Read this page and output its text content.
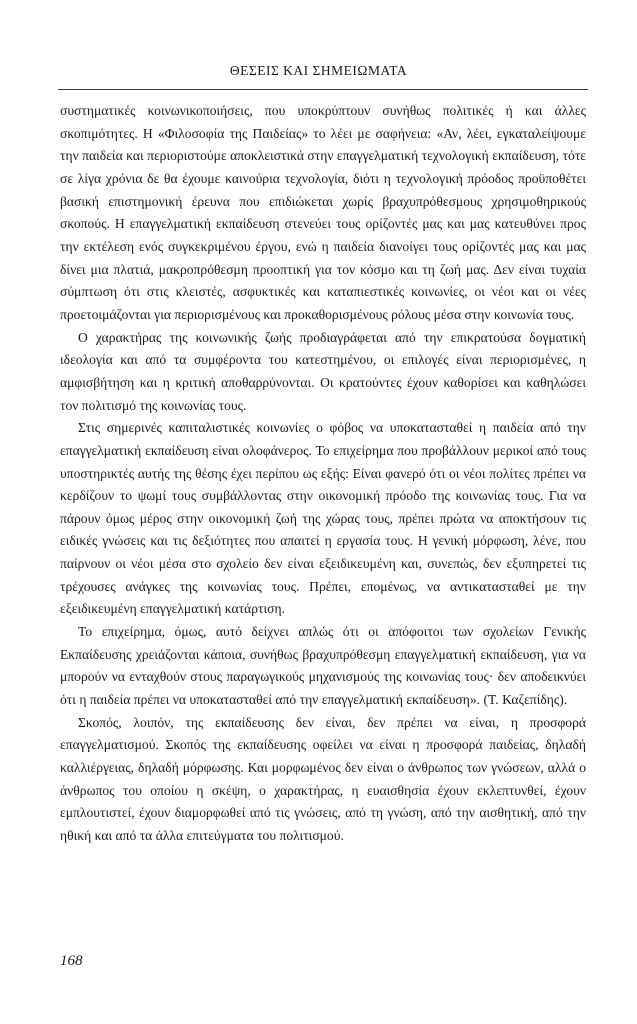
ΘΕΣΕΙΣ ΚΑΙ ΣΗΜΕΙΩΜΑΤΑ

συστηματικές κοινωνικοποιήσεις, που υποκρύπτουν συνήθως πολιτικές ή και άλλες σκοπιμότητες. Η «Φιλοσοφία της Παιδείας» το λέει με σαφήνεια: «Αν, λέει, εγκαταλείψουμε την παιδεία και περιοριστούμε αποκλειστικά στην επαγγελματική τεχνολογική εκπαίδευση, τότε σε λίγα χρόνια δε θα έχουμε καινούρια τεχνολογία, διότι η τεχνολογική πρόοδος προϋποθέτει βασική επιστημονική έρευνα που επιδιώκεται χωρίς βραχυπρόθεσμους χρησιμοθηρικούς σκοπούς. Η επαγγελματική εκπαίδευση στενεύει τους ορίζοντές μας και μας κατευθύνει προς την εκτέλεση ενός συγκεκριμένου έργου, ενώ η παιδεία διανοίγει τους ορίζοντές μας και μας δίνει μια πλατιά, μακροπρόθεσμη προοπτική για τον κόσμο και τη ζωή μας. Δεν είναι τυχαία σύμπτωση ότι στις κλειστές, ασφυκτικές και καταπιεστικές κοινωνίες, οι νέοι και οι νέες προετοιμάζονται για περιορισμένους και προκαθορισμένους ρόλους μέσα στην κοινωνία τους.

Ο χαρακτήρας της κοινωνικής ζωής προδιαγράφεται από την επικρατούσα δογματική ιδεολογία και από τα συμφέροντα του κατεστημένου, οι επιλογές είναι περιορισμένες, η αμφισβήτηση και η κριτική αποθαρρύνονται. Οι κρατούντες έχουν καθορίσει και καθηλώσει τον πολιτισμό της κοινωνίας τους.

Στις σημερινές καπιταλιστικές κοινωνίες ο φόβος να υποκατασταθεί η παιδεία από την επαγγελματική εκπαίδευση είναι ολοφάνερος. Το επιχείρημα που προβάλλουν μερικοί από τους υποστηρικτές αυτής της θέσης έχει περίπου ως εξής: Είναι φανερό ότι οι νέοι πολίτες πρέπει να κερδίζουν το ψωμί τους συμβάλλοντας στην οικονομική πρόοδο της κοινωνίας τους. Για να πάρουν όμως μέρος στην οικονομική ζωή της χώρας τους, πρέπει πρώτα να αποκτήσουν τις ειδικές γνώσεις και τις δεξιότητες που απαιτεί η εργασία τους. Η γενική μόρφωση, λένε, που παίρνουν οι νέοι μέσα στο σχολείο δεν είναι εξειδικευμένη και, συνεπώς, δεν εξυπηρετεί τις τρέχουσες ανάγκες της κοινωνίας τους. Πρέπει, επομένως, να αντικατασταθεί με την εξειδικευμένη επαγγελματική κατάρτιση.

Το επιχείρημα, όμως, αυτό δείχνει απλώς ότι οι απόφοιτοι των σχολείων Γενικής Εκπαίδευσης χρειάζονται κάποια, συνήθως βραχυπρόθεσμη επαγγελματική εκπαίδευση, για να μπορούν να ενταχθούν στους παραγωγικούς μηχανισμούς της κοινωνίας τους· δεν αποδεικνύει ότι η παιδεία πρέπει να υποκατασταθεί από την επαγγελματική εκπαίδευση». (Τ. Καζεπίδης).

Σκοπός, λοιπόν, της εκπαίδευσης δεν είναι, δεν πρέπει να είναι, η προσφορά επαγγελματισμού. Σκοπός της εκπαίδευσης οφείλει να είναι η προσφορά παιδείας, δηλαδή καλλιέργειας, δηλαδή μόρφωσης. Και μορφωμένος δεν είναι ο άνθρωπος των γνώσεων, αλλά ο άνθρωπος του οποίου η σκέψη, ο χαρακτήρας, η ευαισθησία έχουν εκλεπτυνθεί, έχουν εμπλουτιστεί, έχουν διαμορφωθεί από τις γνώσεις, από τη γνώση, από την αισθητική, από την ηθική και από τα άλλα επιτεύγματα του πολιτισμού.

168
